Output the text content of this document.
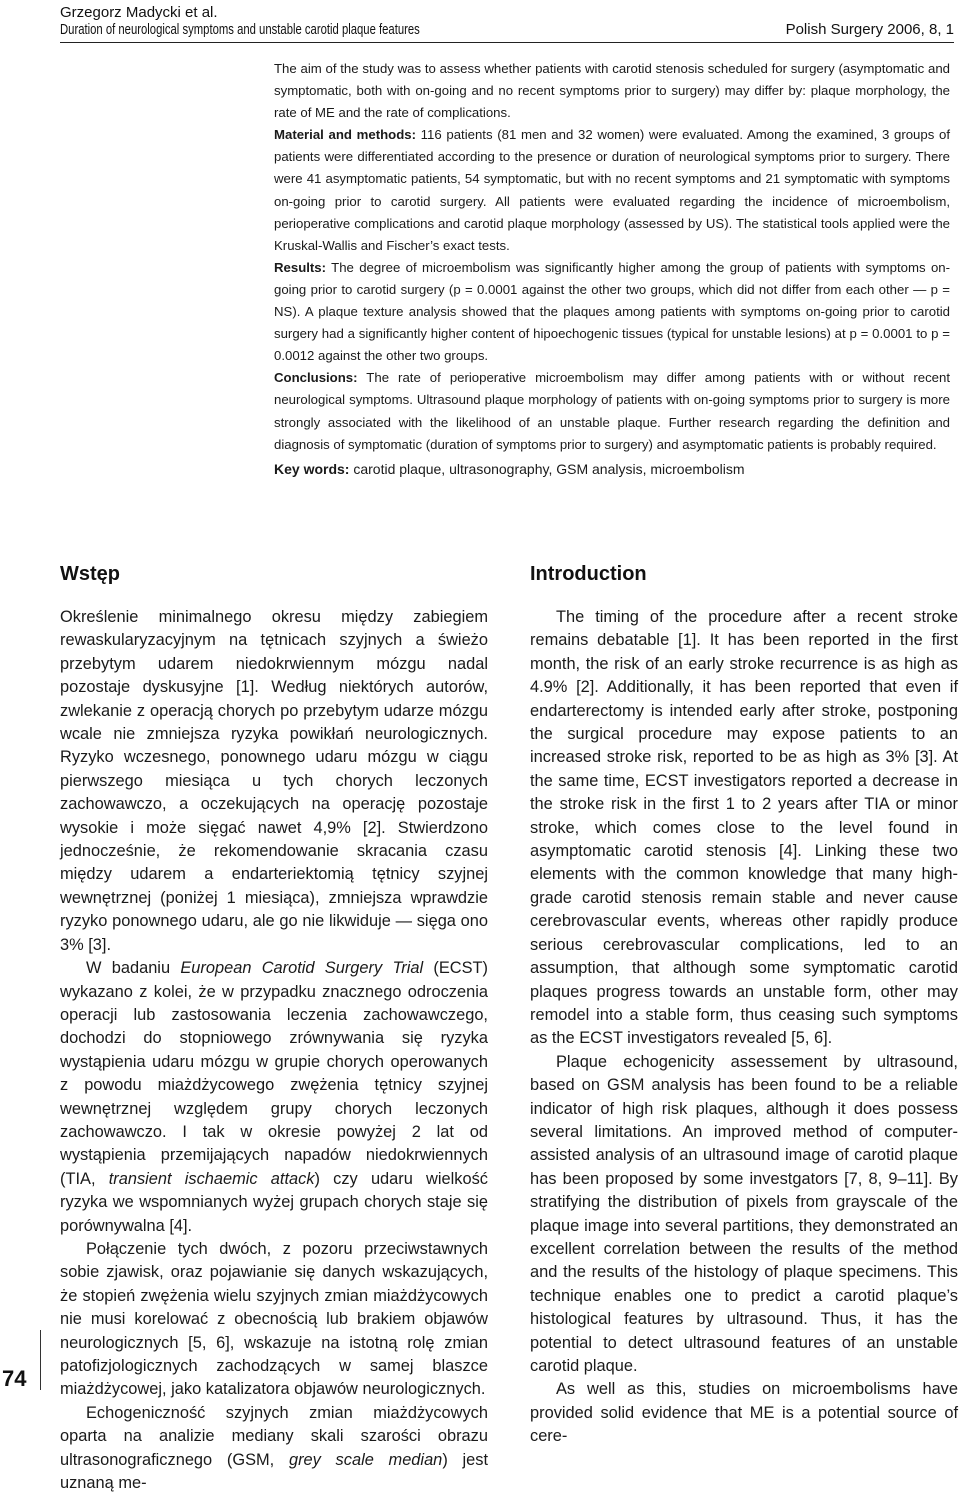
Grzegorz Madycki et al.
Duration of neurological symptoms and unstable carotid plaque features	Polish Surgery 2006, 8, 1

The aim of the study was to assess whether patients with carotid stenosis scheduled for surgery (asymptomatic and symptomatic, both with on-going and no recent symptoms prior to surgery) may differ by: plaque morphology, the rate of ME and the rate of complications.
Material and methods: 116 patients (81 men and 32 women) were evaluated. Among the examined, 3 groups of patients were differentiated according to the presence or duration of neurological symptoms prior to surgery. There were 41 asymptomatic patients, 54 symptomatic, but with no recent symptoms and 21 symptomatic with symptoms on-going prior to carotid surgery. All patients were evaluated regarding the incidence of microembolism, perioperative complications and carotid plaque morphology (assessed by US). The statistical tools applied were the Kruskal-Wallis and Fischer’s exact tests.
Results: The degree of microembolism was significantly higher among the group of patients with symptoms on-going prior to carotid surgery (p = 0.0001 against the other two groups, which did not differ from each other — p = NS). A plaque texture analysis showed that the plaques among patients with symptoms on-going prior to carotid surgery had a significantly higher content of hipoechogenic tissues (typical for unstable lesions) at p = 0.0001 to p = 0.0012 against the other two groups.
Conclusions: The rate of perioperative microembolism may differ among patients with or without recent neurological symptoms. Ultrasound plaque morphology of patients with on-going symptoms prior to surgery is more strongly associated with the likelihood of an unstable plaque. Further research regarding the definition and diagnosis of symptomatic (duration of symptoms prior to surgery) and asymptomatic patients is probably required.

Key words: carotid plaque, ultrasonography, GSM analysis, microembolism
Wstęp

Określenie minimalnego okresu między zabiegiem rewaskularyzacyjnym na tętnicach szyjnych a świeżo przebytym udarem niedokrwiennym mózgu nadal pozostaje dyskusyjne [1]. Według niektórych autorów, zwlekanie z operacją chorych po przebytym udarze mózgu wcale nie zmniejsza ryzyka powikłań neurologicznych. Ryzyko wczesnego, ponownego udaru mózgu w ciągu pierwszego miesiąca u tych chorych leczonych zachowawczo, a oczekujących na operację pozostaje wysokie i może sięgać nawet 4,9% [2]. Stwierdzono jednocześnie, że rekomendowanie skracania czasu między udarem a endarteriektomią tętnicy szyjnej wewnętrznej (poniżej 1 miesiąca), zmniejsza wprawdzie ryzyko ponownego udaru, ale go nie likwiduje — sięga ono 3% [3].

W badaniu European Carotid Surgery Trial (ECST) wykazano z kolei, że w przypadku znacznego odroczenia operacji lub zastosowania leczenia zachowawczego, dochodzi do stopniowego zrównywania się ryzyka wystąpienia udaru mózgu w grupie chorych operowanych z powodu miażdżycowego zwężenia tętnicy szyjnej wewnętrznej względem grupy chorych leczonych zachowawczo. I tak w okresie powyżej 2 lat od wystąpienia przemijających napadów niedokrwiennych (TIA, transient ischaemic attack) czy udaru wielkość ryzyka we wspomnianych wyżej grupach chorych staje się porównywalna [4].

Połączenie tych dwóch, z pozoru przeciwstawnych sobie zjawisk, oraz pojawianie się danych wskazujących, że stopień zwężenia wielu szyjnych zmian miażdżycowych nie musi korelować z obecnością lub brakiem objawów neurologicznych [5, 6], wskazuje na istotną rolę zmian patofizjologicznych zachodzących w samej blaszce miażdżycowej, jako katalizatora objawów neurologicznych.

Echogeniczność szyjnych zmian miażdżycowych oparta na analizie mediany skali szarości obrazu ultrasonograficznego (GSM, grey scale median) jest uznaną me-

Introduction

The timing of the procedure after a recent stroke remains debatable [1]. It has been reported in the first month, the risk of an early stroke recurrence is as high as 4.9% [2]. Additionally, it has been reported that even if endarterectomy is intended early after stroke, postponing the surgical procedure may expose patients to an increased stroke risk, reported to be as high as 3% [3]. At the same time, ECST investigators reported a decrease in the stroke risk in the first 1 to 2 years after TIA or minor stroke, which comes close to the level found in asymptomatic carotid stenosis [4]. Linking these two elements with the common knowledge that many high-grade carotid stenosis remain stable and never cause cerebrovascular events, whereas other rapidly produce serious cerebrovascular complications, led to an assumption, that although some symptomatic carotid plaques progress towards an unstable form, other may remodel into a stable form, thus ceasing such symptoms as the ECST investigators revealed [5, 6].

Plaque echogenicity assessement by ultrasound, based on GSM analysis has been found to be a reliable indicator of high risk plaques, although it does possess several limitations. An improved method of computer-assisted analysis of an ultrasound image of carotid plaque has been proposed by some investgators [7, 8, 9–11]. By stratifying the distribution of pixels from grayscale of the plaque image into several partitions, they demonstrated an excellent correlation between the results of the method and the results of the histology of plaque specimens. This technique enables one to predict a carotid plaque’s histological features by ultrasound. Thus, it has the potential to detect ultrasound features of an unstable carotid plaque.

As well as this, studies on microembolisms have provided solid evidence that ME is a potential source of cere-

74
